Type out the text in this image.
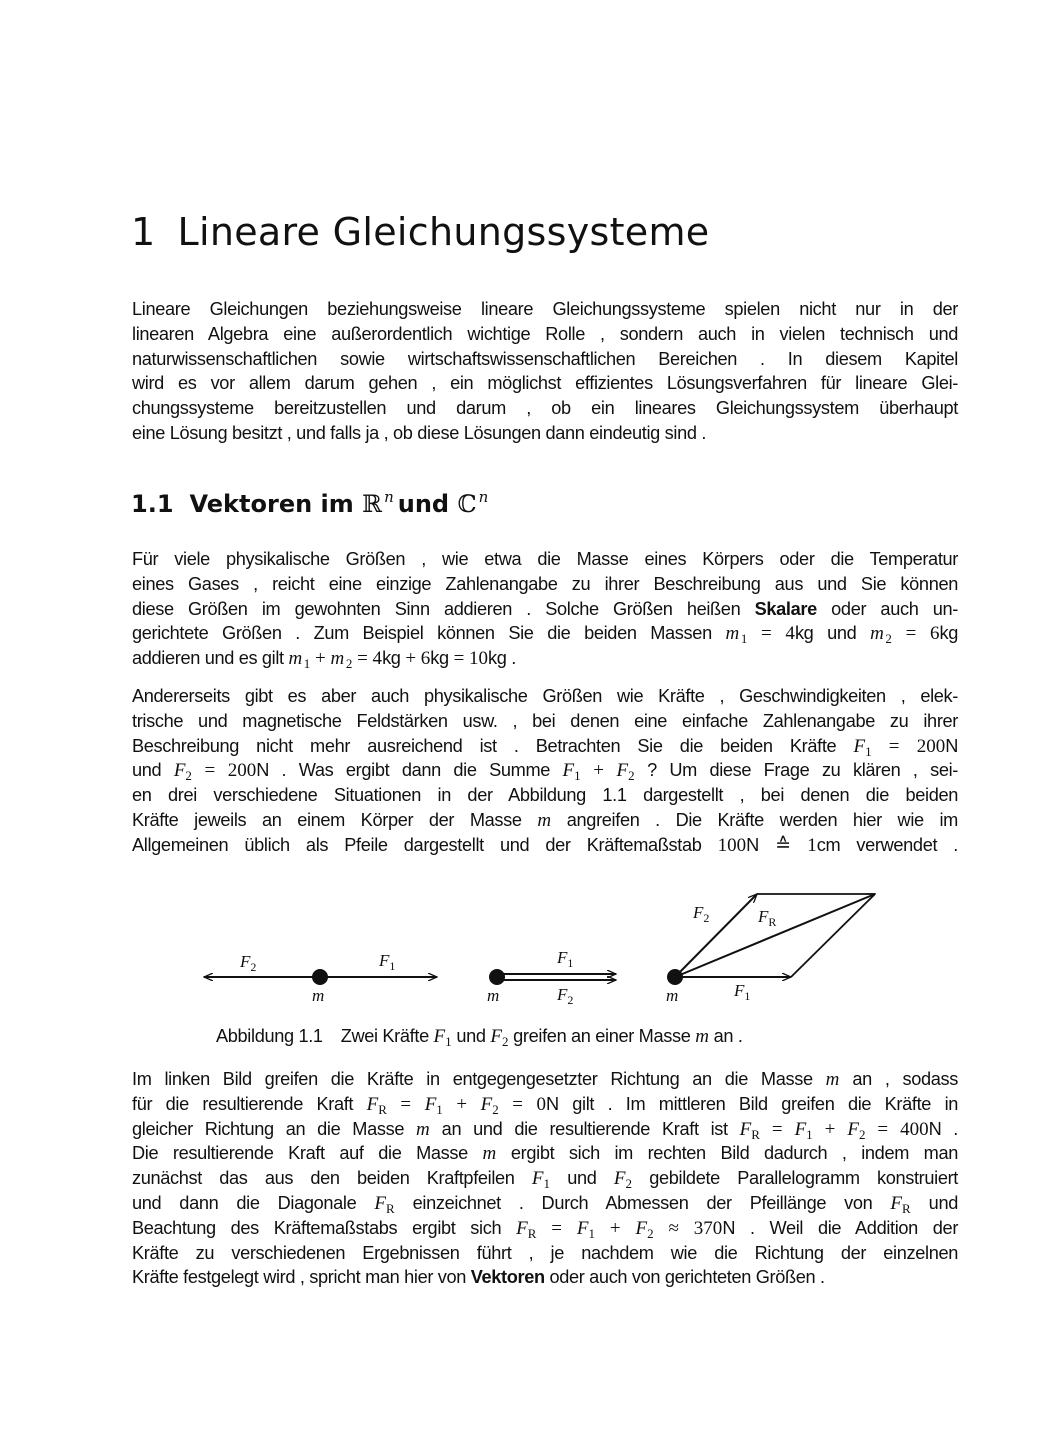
1 Lineare Gleichungssysteme
Lineare Gleichungen beziehungsweise lineare Gleichungssysteme spielen nicht nur in der
linearen Algebra eine außerordentlich wichtige Rolle , sondern auch in vielen technisch und
naturwissenschaftlichen sowie wirtschaftswissenschaftlichen Bereichen . In diesem Kapitel
wird es vor allem darum gehen , ein möglichst effizientes Lösungsverfahren für lineare Glei-
chungssysteme bereitzustellen und darum , ob ein lineares Gleichungssystem überhaupt
eine Lösung besitzt , und falls ja , ob diese Lösungen dann eindeutig sind .
1.1 Vektoren im ℝ $^n$ und ℂ $^n$
Für viele physikalische Größen , wie etwa die Masse eines Körpers oder die Temperatur
eines Gases , reicht eine einzige Zahlenangabe zu ihrer Beschreibung aus und Sie können
diese Größen im gewohnten Sinn addieren . Solche Größen heißen Skalare oder auch un-
gerichtete Größen . Zum Beispiel können Sie die beiden Massen m  $_1$ = 4kg und m  $_2$ = 6kg
addieren und es gilt m  $_1$ + m  $_2$ = 4kg + 6kg = 10kg .
Andererseits gibt es aber auch physikalische Größen wie Kräfte , Geschwindigkeiten , elek-
trische und magnetische Feldstärken usw. , bei denen eine einfache Zahlenangabe zu ihrer
Beschreibung nicht mehr ausreichend ist . Betrachten Sie die beiden Kräfte $F_1 = 200N$
und $F_2 = 200N$ . Was ergibt dann die Summe $F_1 + F_2$ ? Um diese Frage zu klären , sei-
en drei verschiedene Situationen in der Abbildung 1.1 dargestellt , bei denen die beiden
Kräfte jeweils an einem Körper der Masse m angreifen . Die Kräfte werden hier wie im
Allgemeinen üblich als Pfeile dargestellt und der Kräftemaßstab 100N ≙ 1cm verwendet .
$F_2$	$F_1$
m
$F_1$
$F_2$
m
$F_2$	$F_R$
$F_1$
m
Abbildung 1.1 Zwei Kräfte $F_1$ und $F_2$ greifen an einer Masse m an .
Im linken Bild greifen die Kräfte in entgegengesetzter Richtung an die Masse m an , sodass
für die resultierende Kraft $F_R = F_1 + F_2 = 0N$ gilt . Im mittleren Bild greifen die Kräfte in
gleicher Richtung an die Masse m an und die resultierende Kraft ist $F_R = F_1 + F_2 = 400N$ .
Die resultierende Kraft auf die Masse m ergibt sich im rechten Bild dadurch , indem man
zunächst das aus den beiden Kraftpfeilen $F_1$ und $F_2$ gebildete Parallelogramm konstruiert
und dann die Diagonale $F_R$ einzeichnet . Durch Abmessen der Pfeillänge von $F_R$ und
Beachtung des Kräftemaßstabs ergibt sich $F_R = F_1 + F_2 \approx 370N$ . Weil die Addition der
Kräfte zu verschiedenen Ergebnissen führt , je nachdem wie die Richtung der einzelnen
Kräfte festgelegt wird , spricht man hier von Vektoren oder auch von gerichteten Größen .
